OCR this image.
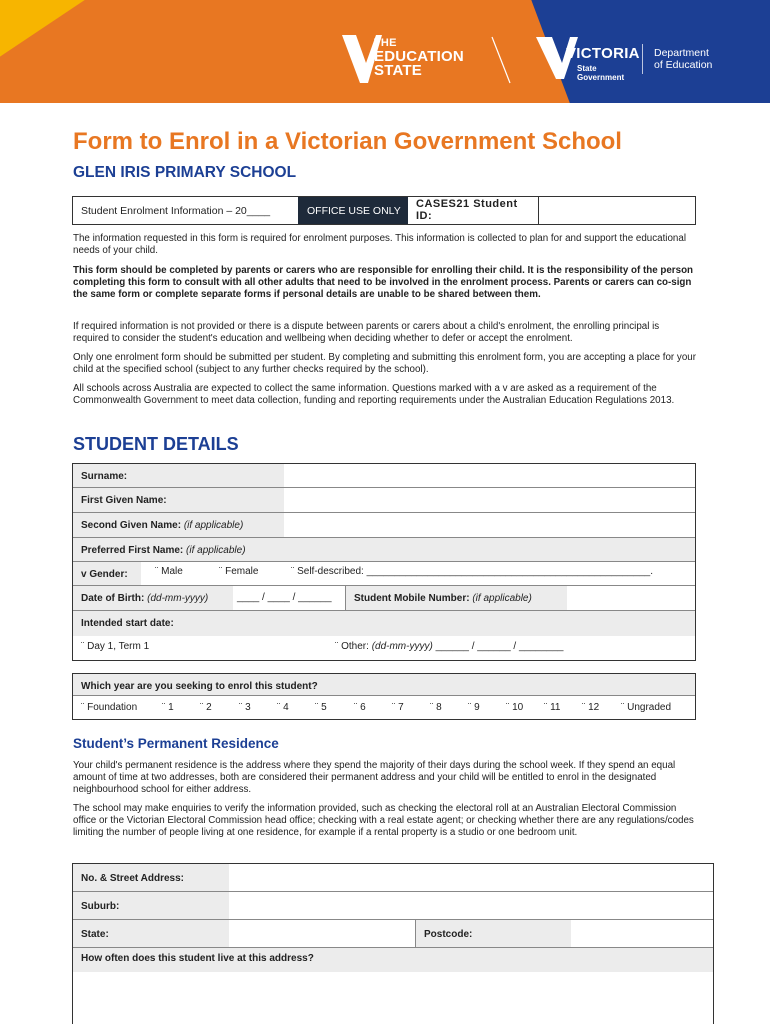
THE
EDUCATION
STATE
VICTORIA
State
Government
Department
of Education
Form to Enrol in a Victorian Government School
GLEN IRIS PRIMARY SCHOOL
Student Enrolment Information – 20____	OFFICE USE ONLY
CASES21 Student
ID:
The information requested in this form is required for enrolment purposes. This information is collected to plan for and support the educational needs of your child.
This form should be completed by parents or carers who are responsible for enrolling their child. It is the responsibility of the person completing this form to consult with all other adults that need to be involved in the enrolment process. Parents or carers can co-sign the same form or complete separate forms if personal details are unable to be shared between them.
If required information is not provided or there is a dispute between parents or carers about a child's enrolment, the enrolling principal is required to consider the student's education and wellbeing when deciding whether to defer or accept the enrolment.
Only one enrolment form should be submitted per student. By completing and submitting this enrolment form, you are accepting a place for your child at the specified school (subject to any further checks required by the school).
All schools across Australia are expected to collect the same information. Questions marked with a v are asked as a requirement of the Commonwealth Government to meet data collection, funding and reporting requirements under the Australian Education Regulations 2013.
STUDENT DETAILS
Surname:
First Given Name:
Second Given Name: (if applicable)
Preferred First Name: (if applicable)
v Gender:	¨ Male	¨ Female	¨ Self-described: ___________________________________________________.
Date of Birth: (dd-mm-yyyy)	____ / ____ / ______	Student Mobile Number: (if applicable)
Intended start date:
¨ Day 1, Term 1	¨ Other: (dd-mm-yyyy) ______ / ______ / ________
Which year are you seeking to enrol this student?
¨ Foundation ¨ 1	¨ 2	¨ 3	¨ 4	¨ 5	¨ 6	¨ 7	¨ 8	¨ 9	¨ 10 ¨ 11 ¨ 12 ¨ Ungraded
Student’s Permanent Residence
Your child's permanent residence is the address where they spend the majority of their days during the school week. If they spend an equal amount of time at two addresses, both are considered their permanent address and your child will be entitled to enrol in the designated neighbourhood school for either address.
The school may make enquiries to verify the information provided, such as checking the electoral roll at an Australian Electoral Commission office or the Victorian Electoral Commission head office; checking with a real estate agent; or checking whether there are any regulations/codes limiting the number of people living at one residence, for example if a rental property is a studio or one bedroom unit.
No. & Street Address:
Suburb:
State:	Postcode:
How often does this student live at this address?
